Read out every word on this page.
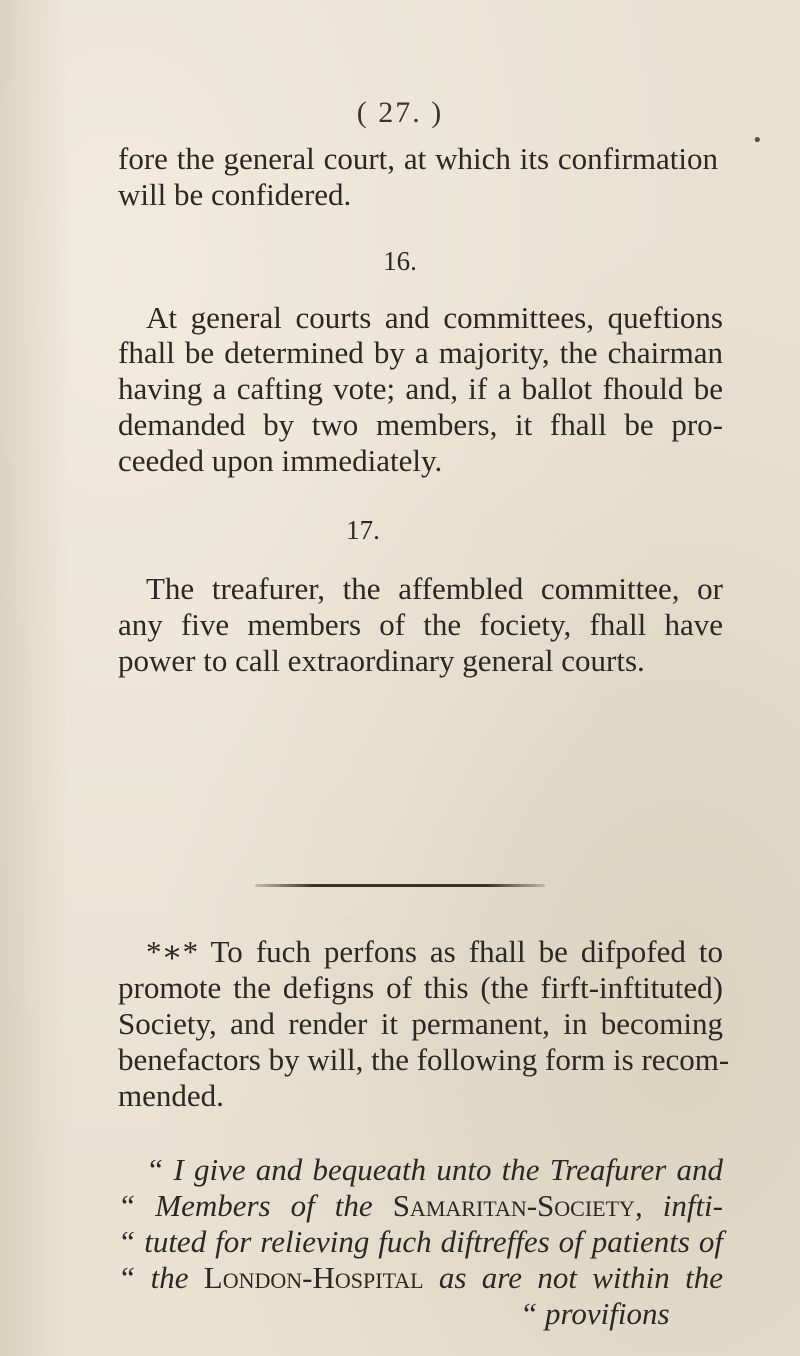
•
( 27. )
fore the general court, at which its confirmation
will be confidered.
16.
At general courts and committees, queftions
fhall be determined by a majority, the chairman
having a cafting vote; and, if a ballot fhould be
demanded by two members, it fhall be pro-
ceeded upon immediately.
17.
The treafurer, the affembled committee, or
any five members of the fociety, fhall have
power to call extraordinary general courts.
*∗* To fuch perfons as fhall be difpofed to
promote the defigns of this (the firft-inftituted)
Society, and render it permanent, in becoming
benefactors by will, the following form is recom-
mended.
“ I give and bequeath unto the Treafurer and
“ Members of the Samaritan-Society, infti-
“ tuted for relieving fuch diftreffes of patients of
“ the London-Hospital as are not within the
“ provifions
